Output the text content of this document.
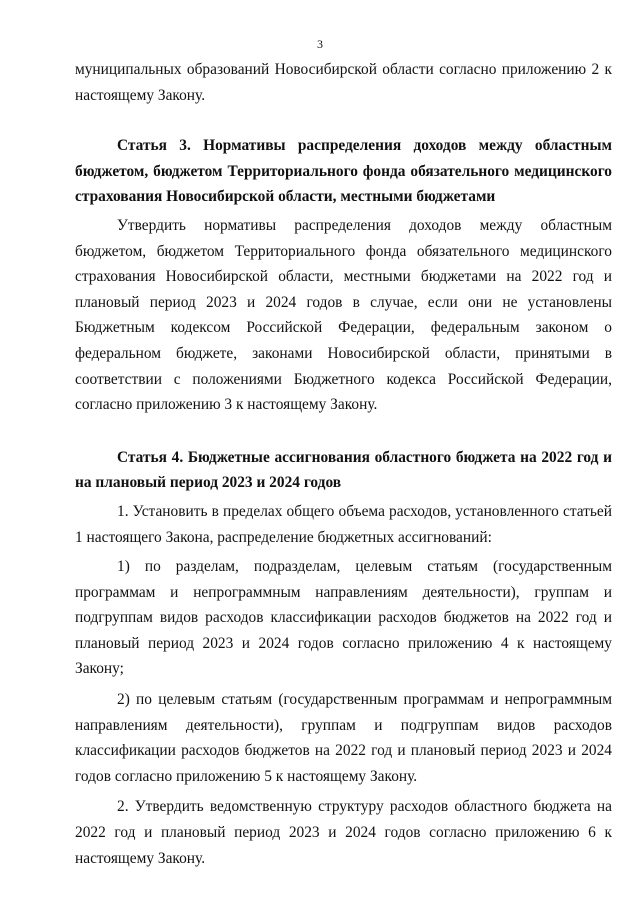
3

муниципальных образований Новосибирской области согласно приложению 2 к настоящему Закону.

Статья 3. Нормативы распределения доходов между областным бюджетом, бюджетом Территориального фонда обязательного медицинского страхования Новосибирской области, местными бюджетами

Утвердить нормативы распределения доходов между областным бюджетом, бюджетом Территориального фонда обязательного медицинского страхования Новосибирской области, местными бюджетами на 2022 год и плановый период 2023 и 2024 годов в случае, если они не установлены Бюджетным кодексом Российской Федерации, федеральным законом о федеральном бюджете, законами Новосибирской области, принятыми в соответствии с положениями Бюджетного кодекса Российской Федерации, согласно приложению 3 к настоящему Закону.

Статья 4. Бюджетные ассигнования областного бюджета на 2022 год и на плановый период 2023 и 2024 годов

1. Установить в пределах общего объема расходов, установленного статьей 1 настоящего Закона, распределение бюджетных ассигнований:

1) по разделам, подразделам, целевым статьям (государственным программам и непрограммным направлениям деятельности), группам и подгруппам видов расходов классификации расходов бюджетов на 2022 год и плановый период 2023 и 2024 годов согласно приложению 4 к настоящему Закону;

2) по целевым статьям (государственным программам и непрограммным направлениям деятельности), группам и подгруппам видов расходов классификации расходов бюджетов на 2022 год и плановый период 2023 и 2024 годов согласно приложению 5 к настоящему Закону.

2. Утвердить ведомственную структуру расходов областного бюджета на 2022 год и плановый период 2023 и 2024 годов согласно приложению 6 к настоящему Закону.
